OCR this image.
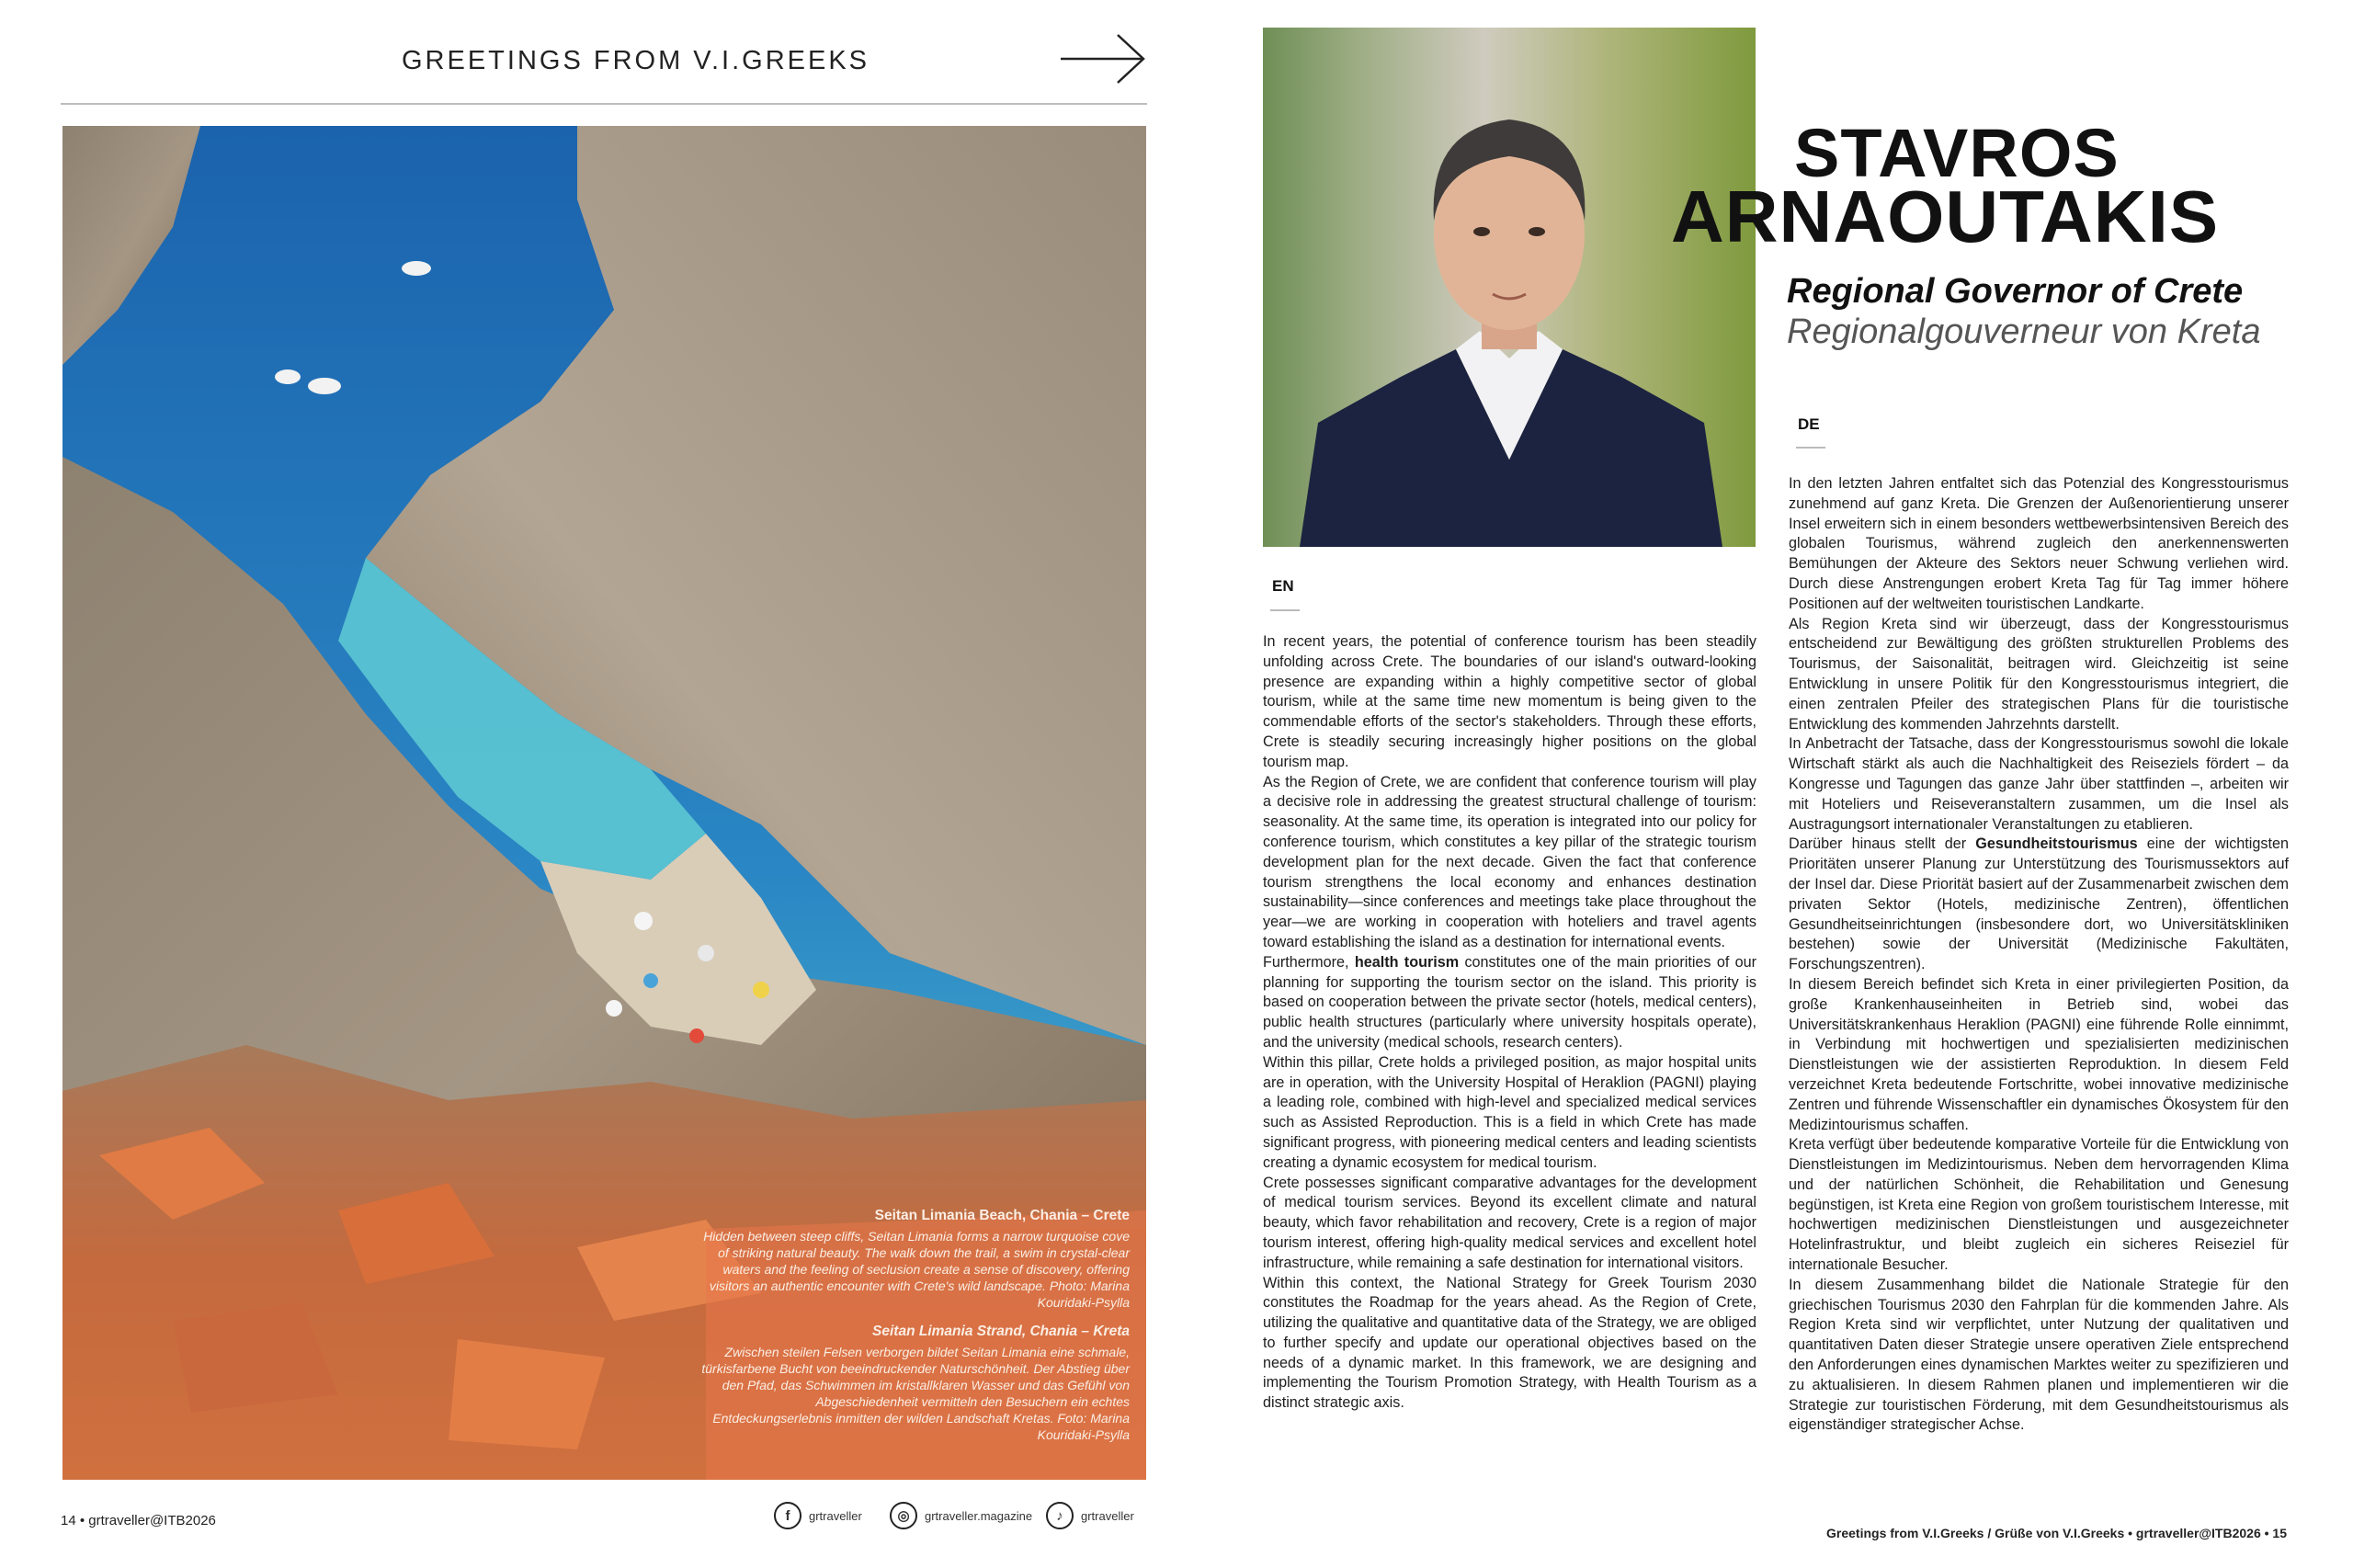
GREETINGS FROM V.I.GREEKS
Seitan Limania Beach, Chania – Crete

Hidden between steep cliffs, Seitan Limania forms a narrow turquoise cove of striking natural beauty. The walk down the trail, a swim in crystal-clear waters and the feeling of seclusion create a sense of discovery, offering visitors an authentic encounter with Crete's wild landscape. Photo: Marina Kouridaki-Psylla

Seitan Limania Strand, Chania – Kreta

Zwischen steilen Felsen verborgen bildet Seitan Limania eine schmale, türkisfarbene Bucht von beeindruckender Naturschönheit. Der Abstieg über den Pfad, das Schwimmen im kristallklaren Wasser und das Gefühl von Abgeschiedenheit vermitteln den Besuchern ein echtes Entdeckungserlebnis inmitten der wilden Landschaft Kretas. Foto: Marina Kouridaki-Psylla

14 • grtraveller@ITB2026	f	grtraveller	◎	grtraveller.magazine	♪	grtraveller
STAVROS
ARNAOUTAKIS
Regional Governor of Crete
Regionalgouverneur von Kreta
DE
EN

In recent years, the potential of conference tourism has been steadily unfolding across Crete. The boundaries of our island's outward-looking presence are expanding within a highly competitive sector of global tourism, while at the same time new momentum is being given to the commendable efforts of the sector's stakeholders. Through these efforts, Crete is steadily securing increasingly higher positions on the global tourism map.

As the Region of Crete, we are confident that conference tourism will play a decisive role in addressing the greatest structural challenge of tourism: seasonality. At the same time, its operation is integrated into our policy for conference tourism, which constitutes a key pillar of the strategic tourism development plan for the next decade. Given the fact that conference tourism strengthens the local economy and enhances destination sustainability—since conferences and meetings take place throughout the year—we are working in cooperation with hoteliers and travel agents toward establishing the island as a destination for international events.

Furthermore, health tourism constitutes one of the main priorities of our planning for supporting the tourism sector on the island. This priority is based on cooperation between the private sector (hotels, medical centers), public health structures (particularly where university hospitals operate), and the university (medical schools, research centers).

Within this pillar, Crete holds a privileged position, as major hospital units are in operation, with the University Hospital of Heraklion (PAGNI) playing a leading role, combined with high-level and specialized medical services such as Assisted Reproduction. This is a field in which Crete has made significant progress, with pioneering medical centers and leading scientists creating a dynamic ecosystem for medical tourism.

Crete possesses significant comparative advantages for the development of medical tourism services. Beyond its excellent climate and natural beauty, which favor rehabilitation and recovery, Crete is a region of major tourism interest, offering high-quality medical services and excellent hotel infrastructure, while remaining a safe destination for international visitors.

Within this context, the National Strategy for Greek Tourism 2030 constitutes the Roadmap for the years ahead. As the Region of Crete, utilizing the qualitative and quantitative data of the Strategy, we are obliged to further specify and update our operational objectives based on the needs of a dynamic market. In this framework, we are designing and implementing the Tourism Promotion Strategy, with Health Tourism as a distinct strategic axis.

In den letzten Jahren entfaltet sich das Potenzial des Kongresstourismus zunehmend auf ganz Kreta. Die Grenzen der Außenorientierung unserer Insel erweitern sich in einem besonders wettbewerbsintensiven Bereich des globalen Tourismus, während zugleich den anerkennenswerten Bemühungen der Akteure des Sektors neuer Schwung verliehen wird. Durch diese Anstrengungen erobert Kreta Tag für Tag immer höhere Positionen auf der weltweiten touristischen Landkarte.

Als Region Kreta sind wir überzeugt, dass der Kongresstourismus entscheidend zur Bewältigung des größten strukturellen Problems des Tourismus, der Saisonalität, beitragen wird. Gleichzeitig ist seine Entwicklung in unsere Politik für den Kongresstourismus integriert, die einen zentralen Pfeiler des strategischen Plans für die touristische Entwicklung des kommenden Jahrzehnts darstellt.

In Anbetracht der Tatsache, dass der Kongresstourismus sowohl die lokale Wirtschaft stärkt als auch die Nachhaltigkeit des Reiseziels fördert – da Kongresse und Tagungen das ganze Jahr über stattfinden –, arbeiten wir mit Hoteliers und Reiseveranstaltern zusammen, um die Insel als Austragungsort internationaler Veranstaltungen zu etablieren.

Darüber hinaus stellt der Gesundheitstourismus eine der wichtigsten Prioritäten unserer Planung zur Unterstützung des Tourismussektors auf der Insel dar. Diese Priorität basiert auf der Zusammenarbeit zwischen dem privaten Sektor (Hotels, medizinische Zentren), öffentlichen Gesundheitseinrichtungen (insbesondere dort, wo Universitätskliniken bestehen) sowie der Universität (Medizinische Fakultäten, Forschungszentren).

In diesem Bereich befindet sich Kreta in einer privilegierten Position, da große Krankenhauseinheiten in Betrieb sind, wobei das Universitätskrankenhaus Heraklion (PAGNI) eine führende Rolle einnimmt, in Verbindung mit hochwertigen und spezialisierten medizinischen Dienstleistungen wie der assistierten Reproduktion. In diesem Feld verzeichnet Kreta bedeutende Fortschritte, wobei innovative medizinische Zentren und führende Wissenschaftler ein dynamisches Ökosystem für den Medizintourismus schaffen.

Kreta verfügt über bedeutende komparative Vorteile für die Entwicklung von Dienstleistungen im Medizintourismus. Neben dem hervorragenden Klima und der natürlichen Schönheit, die Rehabilitation und Genesung begünstigen, ist Kreta eine Region von großem touristischem Interesse, mit hochwertigen medizinischen Dienstleistungen und ausgezeichneter Hotelinfrastruktur, und bleibt zugleich ein sicheres Reiseziel für internationale Besucher.

In diesem Zusammenhang bildet die Nationale Strategie für den griechischen Tourismus 2030 den Fahrplan für die kommenden Jahre. Als Region Kreta sind wir verpflichtet, unter Nutzung der qualitativen und quantitativen Daten dieser Strategie unsere operativen Ziele entsprechend den Anforderungen eines dynamischen Marktes weiter zu spezifizieren und zu aktualisieren. In diesem Rahmen planen und implementieren wir die Strategie zur touristischen Förderung, mit dem Gesundheitstourismus als eigenständiger strategischer Achse.

Greetings from V.I.Greeks / Grüße von V.I.Greeks • grtraveller@ITB2026 • 15
